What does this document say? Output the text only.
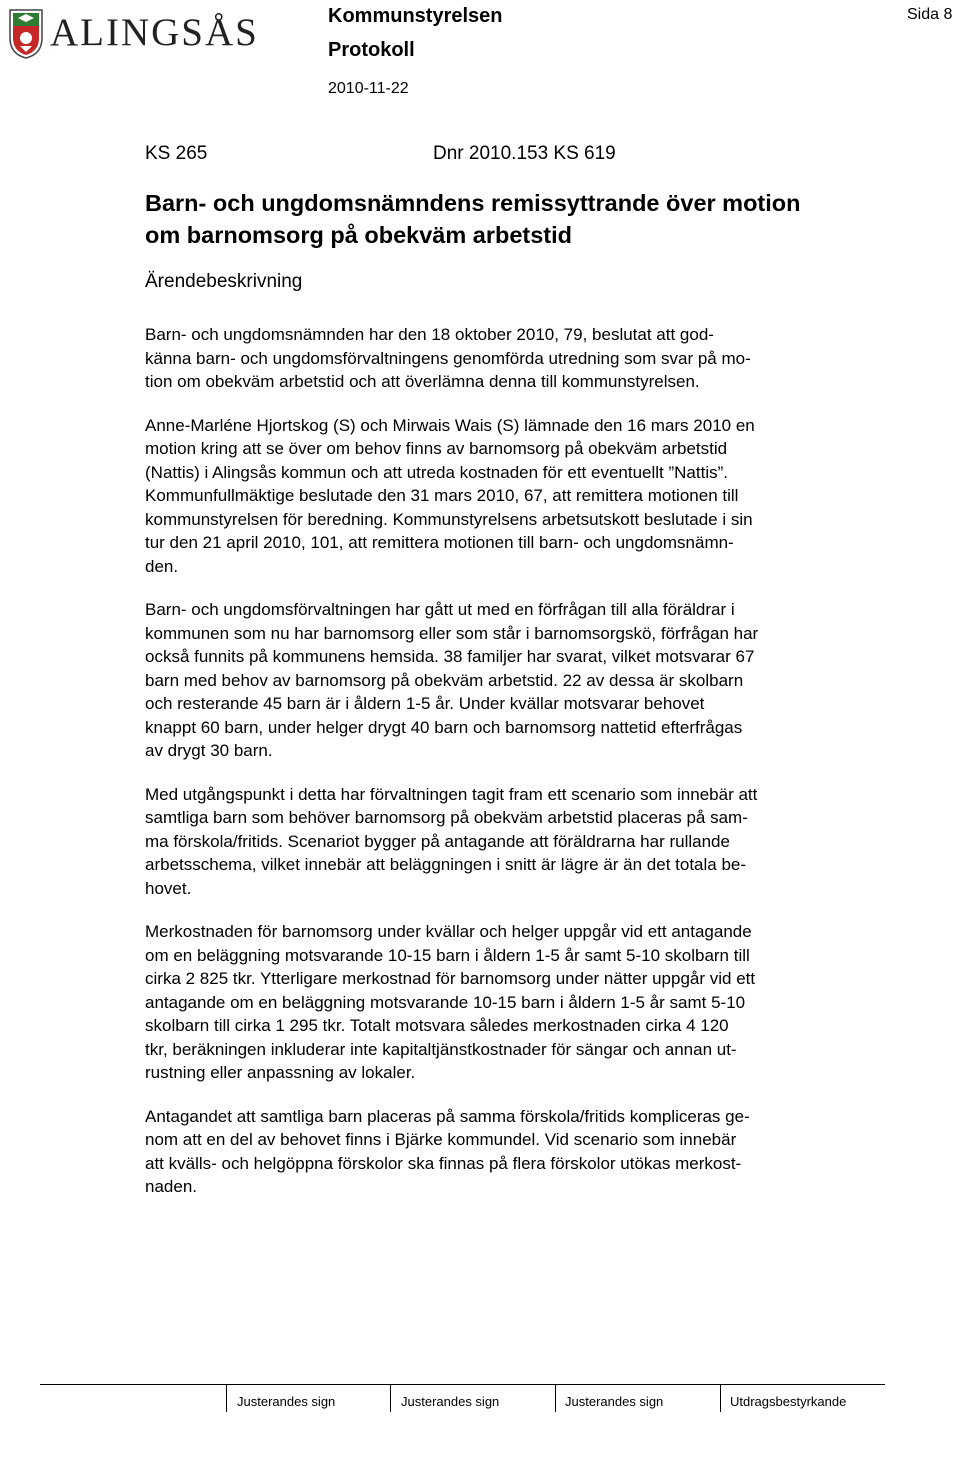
ALINGSÅS	Kommunstyrelsen
Protokoll
2010-11-22
Sida 8
KS 265	Dnr 2010.153 KS 619
Barn- och ungdomsnämndens remissyttrande över motion
om barnomsorg på obekväm arbetstid
Ärendebeskrivning
Barn- och ungdomsnämnden har den 18 oktober 2010, 79, beslutat att god-
känna barn- och ungdomsförvaltningens genomförda utredning som svar på mo-
tion om obekväm arbetstid och att överlämna denna till kommunstyrelsen.
Anne-Marléne Hjortskog (S) och Mirwais Wais (S) lämnade den 16 mars 2010 en
motion kring att se över om behov finns av barnomsorg på obekväm arbetstid
(Nattis) i Alingsås kommun och att utreda kostnaden för ett eventuellt ”Nattis”.
Kommunfullmäktige beslutade den 31 mars 2010, 67, att remittera motionen till
kommunstyrelsen för beredning. Kommunstyrelsens arbetsutskott beslutade i sin
tur den 21 april 2010, 101, att remittera motionen till barn- och ungdomsnämn-
den.
Barn- och ungdomsförvaltningen har gått ut med en förfrågan till alla föräldrar i
kommunen som nu har barnomsorg eller som står i barnomsorgskö, förfrågan har
också funnits på kommunens hemsida. 38 familjer har svarat, vilket motsvarar 67
barn med behov av barnomsorg på obekväm arbetstid. 22 av dessa är skolbarn
och resterande 45 barn är i åldern 1-5 år. Under kvällar motsvarar behovet
knappt 60 barn, under helger drygt 40 barn och barnomsorg nattetid efterfrågas
av drygt 30 barn.
Med utgångspunkt i detta har förvaltningen tagit fram ett scenario som innebär att
samtliga barn som behöver barnomsorg på obekväm arbetstid placeras på sam-
ma förskola/fritids. Scenariot bygger på antagande att föräldrarna har rullande
arbetsschema, vilket innebär att beläggningen i snitt är lägre är än det totala be-
hovet.
Merkostnaden för barnomsorg under kvällar och helger uppgår vid ett antagande
om en beläggning motsvarande 10-15 barn i åldern 1-5 år samt 5-10 skolbarn till
cirka 2 825 tkr. Ytterligare merkostnad för barnomsorg under nätter uppgår vid ett
antagande om en beläggning motsvarande 10-15 barn i åldern 1-5 år samt 5-10
skolbarn till cirka 1 295 tkr. Totalt motsvara således merkostnaden cirka 4 120
tkr, beräkningen inkluderar inte kapitaltjänstkostnader för sängar och annan ut-
rustning eller anpassning av lokaler.
Antagandet att samtliga barn placeras på samma förskola/fritids kompliceras ge-
nom att en del av behovet finns i Bjärke kommundel. Vid scenario som innebär
att kvälls- och helgöppna förskolor ska finnas på flera förskolor utökas merkost-
naden.
Justerandes sign	Justerandes sign	Justerandes sign	Utdragsbestyrkande
